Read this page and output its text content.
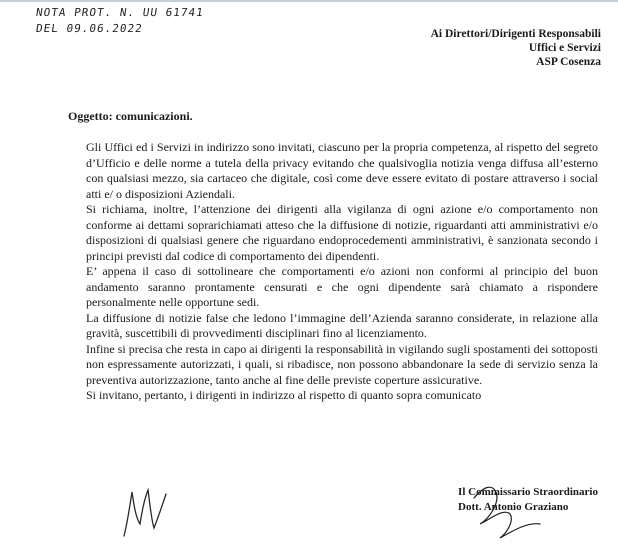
NOTA PROT. N. UU 61741
DEL 09.06.2022	Ai Direttori/Dirigenti Responsabili
Uffici e Servizi
ASP Cosenza
Oggetto: comunicazioni.

Gli Uffici ed i Servizi in indirizzo sono invitati, ciascuno per la propria competenza, al rispetto del segreto d’Ufficio e delle norme a tutela della privacy evitando che qualsivoglia notizia venga diffusa all’esterno con qualsiasi mezzo, sia cartaceo che digitale, così come deve essere evitato di postare attraverso i social atti e/ o disposizioni Aziendali.

Si richiama, inoltre, l’attenzione dei dirigenti alla vigilanza di ogni azione e/o comportamento non conforme ai dettami soprarichiamati atteso che la diffusione di notizie, riguardanti atti amministrativi e/o disposizioni di qualsiasi genere che riguardano endoprocedementi amministrativi, è sanzionata secondo i principi previsti dal codice di comportamento dei dipendenti.

E’ appena il caso di sottolineare che comportamenti e/o azioni non conformi al principio del buon andamento saranno prontamente censurati e che ogni dipendente sarà chiamato a rispondere personalmente nelle opportune sedi.

La diffusione di notizie false che ledono l’immagine dell’Azienda saranno considerate, in relazione alla gravità, suscettibili di provvedimenti disciplinari fino al licenziamento.

Infine si precisa che resta in capo ai dirigenti la responsabilità in vigilando sugli spostamenti dei sottoposti non espressamente autorizzati, i quali, si ribadisce, non possono abbandonare la sede di servizio senza la preventiva autorizzazione, tanto anche al fine delle previste coperture assicurative.

Si invitano, pertanto, i dirigenti in indirizzo al rispetto di quanto sopra comunicato

Il Commissario Straordinario
Dott. Antonio Graziano
